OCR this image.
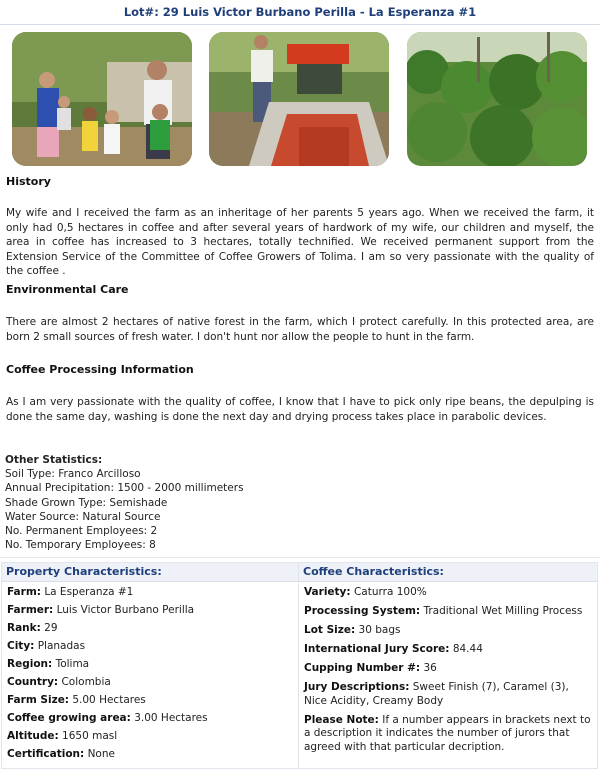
Lot#: 29 Luis Victor Burbano Perilla - La Esperanza #1
History
My wife and I received the farm as an inheritage of her parents 5 years ago. When we received the farm, it only had 0,5 hectares in coffee and after several years of hardwork of my wife, our children and myself, the area in coffee has increased to 3 hectares, totally technified. We received permanent support from the Extension Service of the Committee of Coffee Growers of Tolima. I am so very passionate with the quality of the coffee .
Environmental Care
There are almost 2 hectares of native forest in the farm, which I protect carefully. In this protected area, are born 2 small sources of fresh water. I don't hunt nor allow the people to hunt in the farm.
Coffee Processing Information
As I am very passionate with the quality of coffee, I know that I have to pick only ripe beans, the depulping is done the same day, washing is done the next day and drying process takes place in parabolic devices.
Other Statistics:
Soil Type: Franco Arcilloso
Annual Precipitation: 1500 - 2000 millimeters
Shade Grown Type: Semishade
Water Source: Natural Source
No. Permanent Employees: 2
No. Temporary Employees: 8
Property Characteristics:
Farm: La Esperanza #1
Farmer: Luis Victor Burbano Perilla
Rank: 29
City: Planadas
Region: Tolima
Country: Colombia
Farm Size: 5.00 Hectares
Coffee growing area: 3.00 Hectares
Altitude: 1650 masl
Certification: None
Coffee Characteristics:
Variety: Caturra 100%
Processing System: Traditional Wet Milling Process
Lot Size: 30 bags
International Jury Score: 84.44
Cupping Number #: 36
Jury Descriptions: Sweet Finish (7), Caramel (3), Nice Acidity, Creamy Body
Please Note: If a number appears in brackets next to a description it indicates the number of jurors that agreed with that particular decription.
